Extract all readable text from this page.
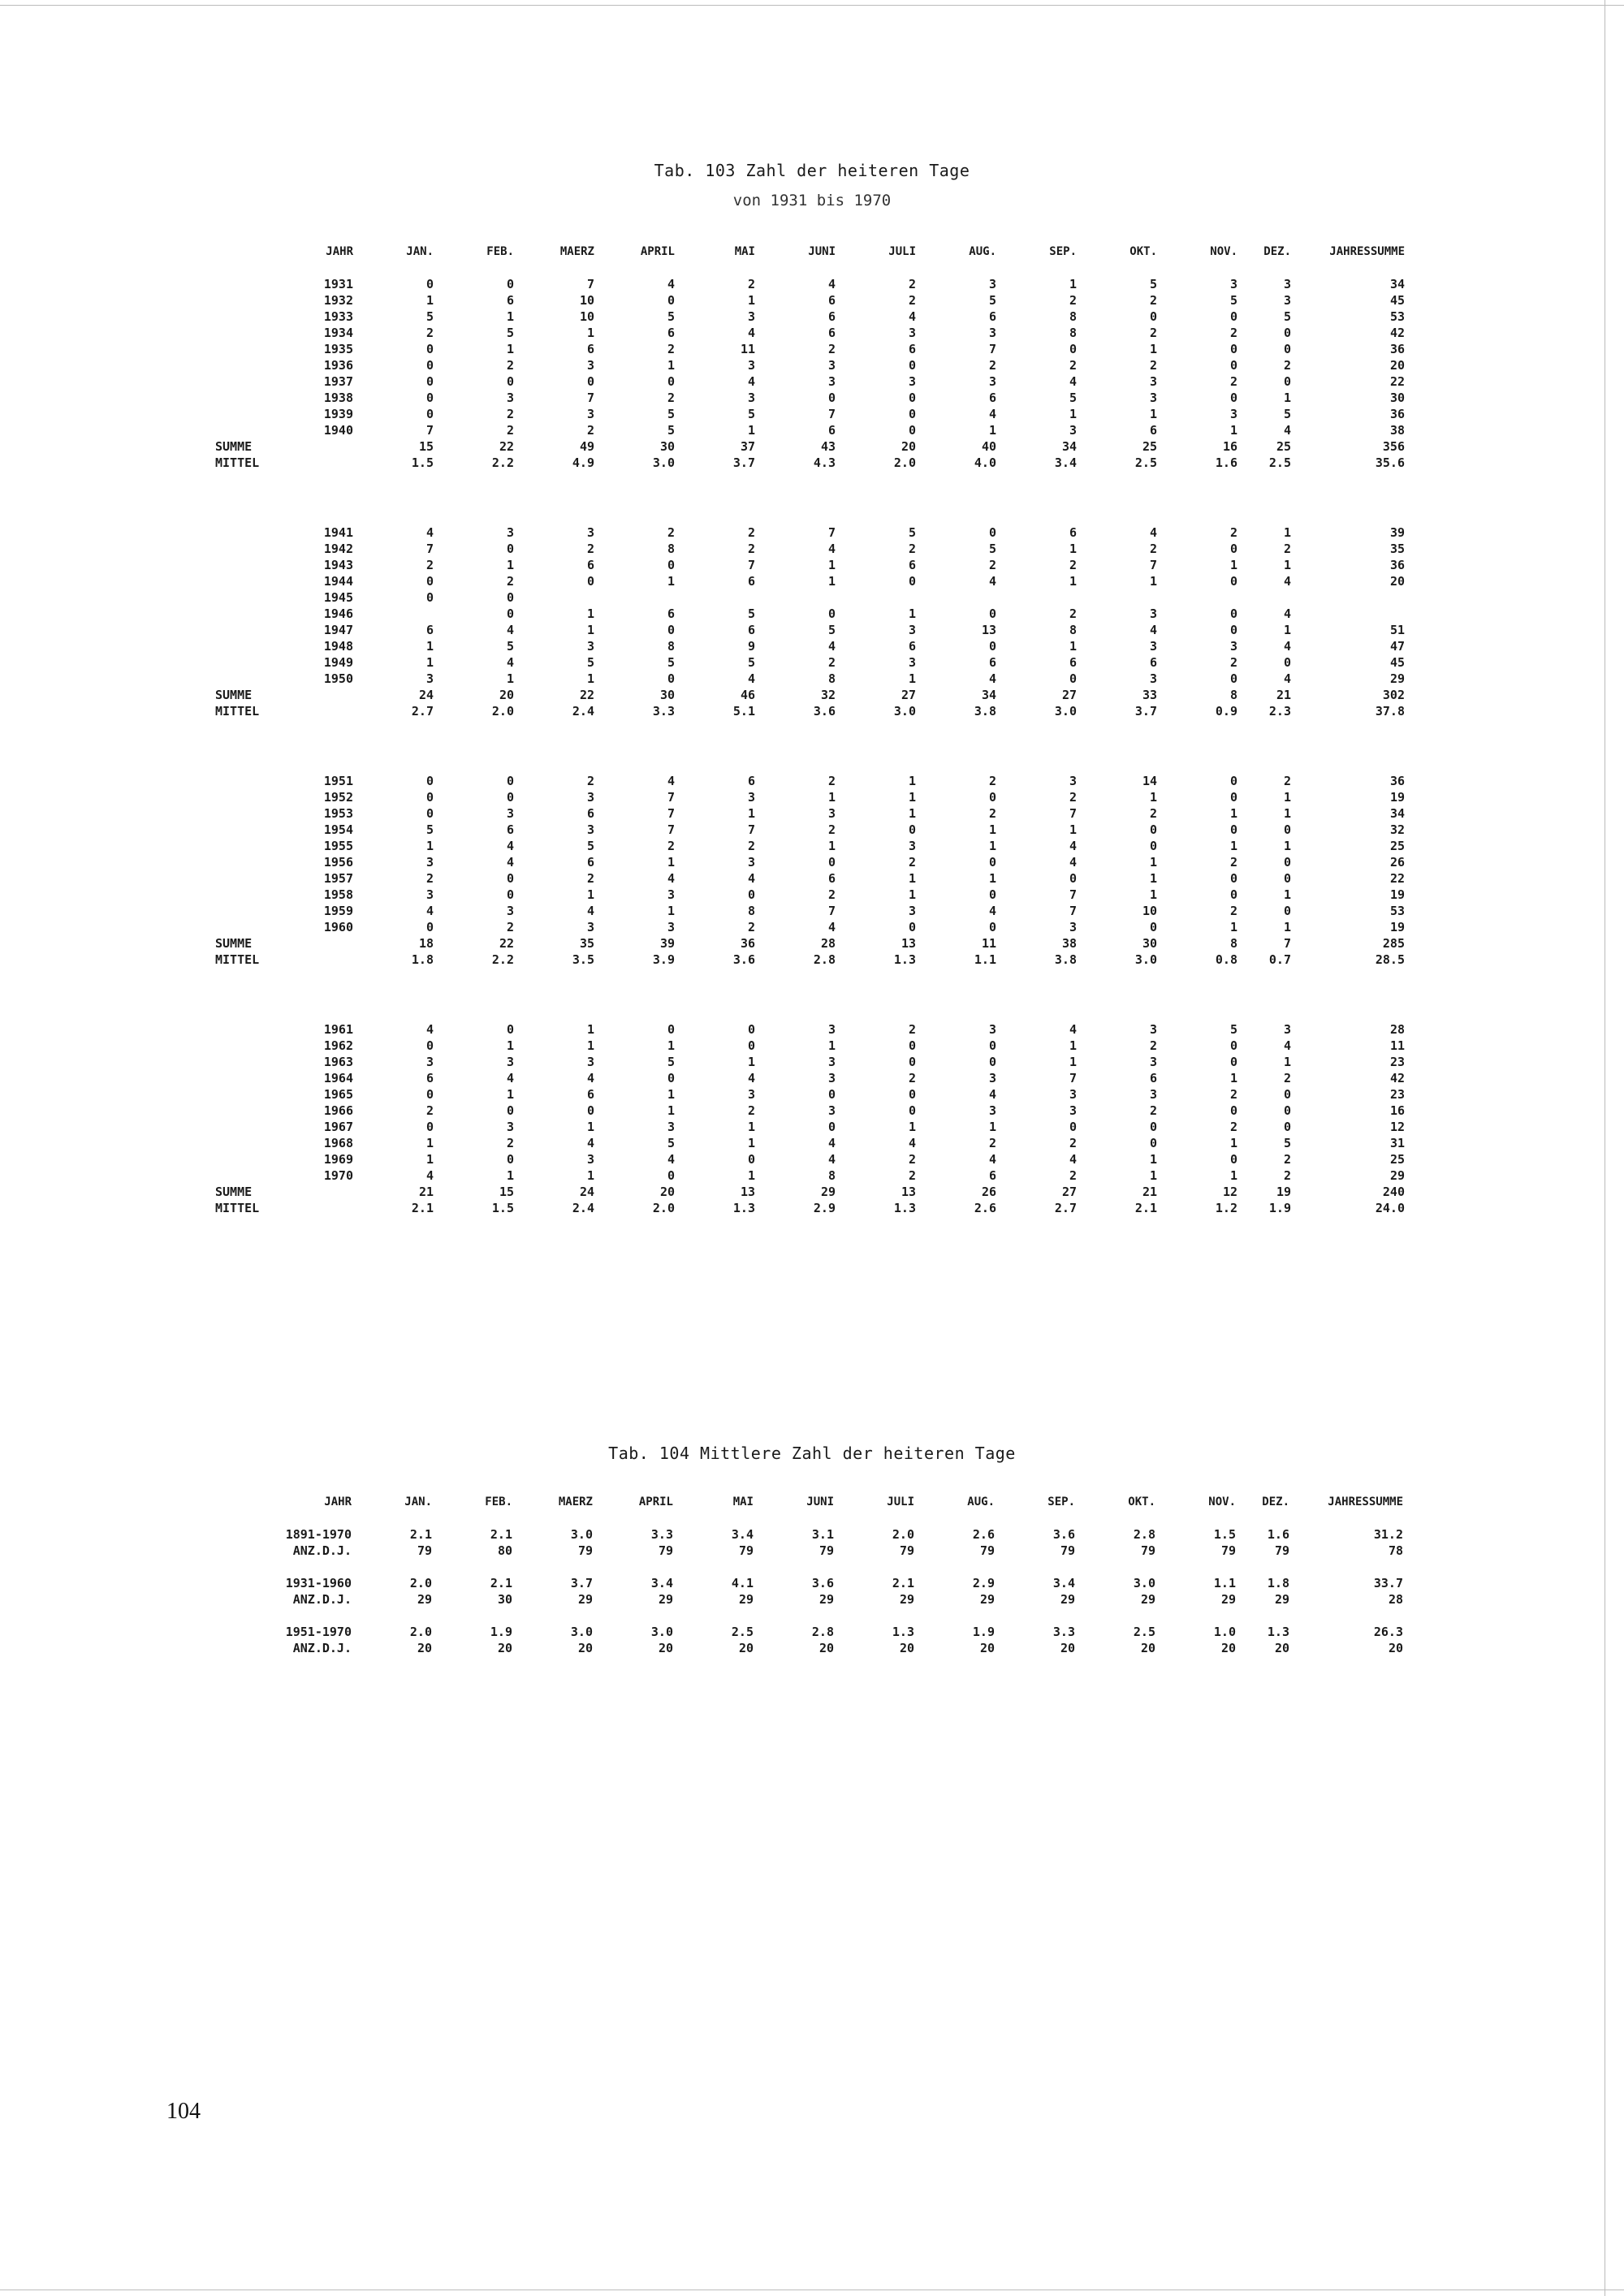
Tab. 103 Zahl der heiteren Tage
von 1931 bis 1970
	JAHR	JAN.	FEB.	MAERZ	APRIL	MAI	JUNI	JULI	AUG.	SEP.	OKT.	NOV.	DEZ.	JAHRESSUMME

	1931	0	0	7	4	2	4	2	3	1	5	3	3	34
	1932	1	6	10	0	1	6	2	5	2	2	5	3	45
	1933	5	1	10	5	3	6	4	6	8	0	0	5	53
	1934	2	5	1	6	4	6	3	3	8	2	2	0	42
	1935	0	1	6	2	11	2	6	7	0	1	0	0	36
	1936	0	2	3	1	3	3	0	2	2	2	0	2	20
	1937	0	0	0	0	4	3	3	3	4	3	2	0	22
	1938	0	3	7	2	3	0	0	6	5	3	0	1	30
	1939	0	2	3	5	5	7	0	4	1	1	3	5	36
	1940	7	2	2	5	1	6	0	1	3	6	1	4	38
SUMME		15	22	49	30	37	43	20	40	34	25	16	25	356
MITTEL		1.5	2.2	4.9	3.0	3.7	4.3	2.0	4.0	3.4	2.5	1.6	2.5	35.6

	1941	4	3	3	2	2	7	5	0	6	4	2	1	39
	1942	7	0	2	8	2	4	2	5	1	2	0	2	35
	1943	2	1	6	0	7	1	6	2	2	7	1	1	36
	1944	0	2	0	1	6	1	0	4	1	1	0	4	20
	1945	0	0											
	1946		0	1	6	5	0	1	0	2	3	0	4	
	1947	6	4	1	0	6	5	3	13	8	4	0	1	51
	1948	1	5	3	8	9	4	6	0	1	3	3	4	47
	1949	1	4	5	5	5	2	3	6	6	6	2	0	45
	1950	3	1	1	0	4	8	1	4	0	3	0	4	29
SUMME		24	20	22	30	46	32	27	34	27	33	8	21	302
MITTEL		2.7	2.0	2.4	3.3	5.1	3.6	3.0	3.8	3.0	3.7	0.9	2.3	37.8

	1951	0	0	2	4	6	2	1	2	3	14	0	2	36
	1952	0	0	3	7	3	1	1	0	2	1	0	1	19
	1953	0	3	6	7	1	3	1	2	7	2	1	1	34
	1954	5	6	3	7	7	2	0	1	1	0	0	0	32
	1955	1	4	5	2	2	1	3	1	4	0	1	1	25
	1956	3	4	6	1	3	0	2	0	4	1	2	0	26
	1957	2	0	2	4	4	6	1	1	0	1	0	0	22
	1958	3	0	1	3	0	2	1	0	7	1	0	1	19
	1959	4	3	4	1	8	7	3	4	7	10	2	0	53
	1960	0	2	3	3	2	4	0	0	3	0	1	1	19
SUMME		18	22	35	39	36	28	13	11	38	30	8	7	285
MITTEL		1.8	2.2	3.5	3.9	3.6	2.8	1.3	1.1	3.8	3.0	0.8	0.7	28.5

	1961	4	0	1	0	0	3	2	3	4	3	5	3	28
	1962	0	1	1	1	0	1	0	0	1	2	0	4	11
	1963	3	3	3	5	1	3	0	0	1	3	0	1	23
	1964	6	4	4	0	4	3	2	3	7	6	1	2	42
	1965	0	1	6	1	3	0	0	4	3	3	2	0	23
	1966	2	0	0	1	2	3	0	3	3	2	0	0	16
	1967	0	3	1	3	1	0	1	1	0	0	2	0	12
	1968	1	2	4	5	1	4	4	2	2	0	1	5	31
	1969	1	0	3	4	0	4	2	4	4	1	0	2	25
	1970	4	1	1	0	1	8	2	6	2	1	1	2	29
SUMME		21	15	24	20	13	29	13	26	27	21	12	19	240
MITTEL		2.1	1.5	2.4	2.0	1.3	2.9	1.3	2.6	2.7	2.1	1.2	1.9	24.0
Tab. 104 Mittlere Zahl der heiteren Tage
JAHR	JAN.	FEB.	MAERZ	APRIL	MAI	JUNI	JULI	AUG.	SEP.	OKT.	NOV.	DEZ.	JAHRESSUMME

1891-1970	2.1	2.1	3.0	3.3	3.4	3.1	2.0	2.6	3.6	2.8	1.5	1.6	31.2
ANZ.D.J.	79	80	79	79	79	79	79	79	79	79	79	79	78

1931-1960	2.0	2.1	3.7	3.4	4.1	3.6	2.1	2.9	3.4	3.0	1.1	1.8	33.7
ANZ.D.J.	29	30	29	29	29	29	29	29	29	29	29	29	28

1951-1970	2.0	1.9	3.0	3.0	2.5	2.8	1.3	1.9	3.3	2.5	1.0	1.3	26.3
ANZ.D.J.	20	20	20	20	20	20	20	20	20	20	20	20	20
104
